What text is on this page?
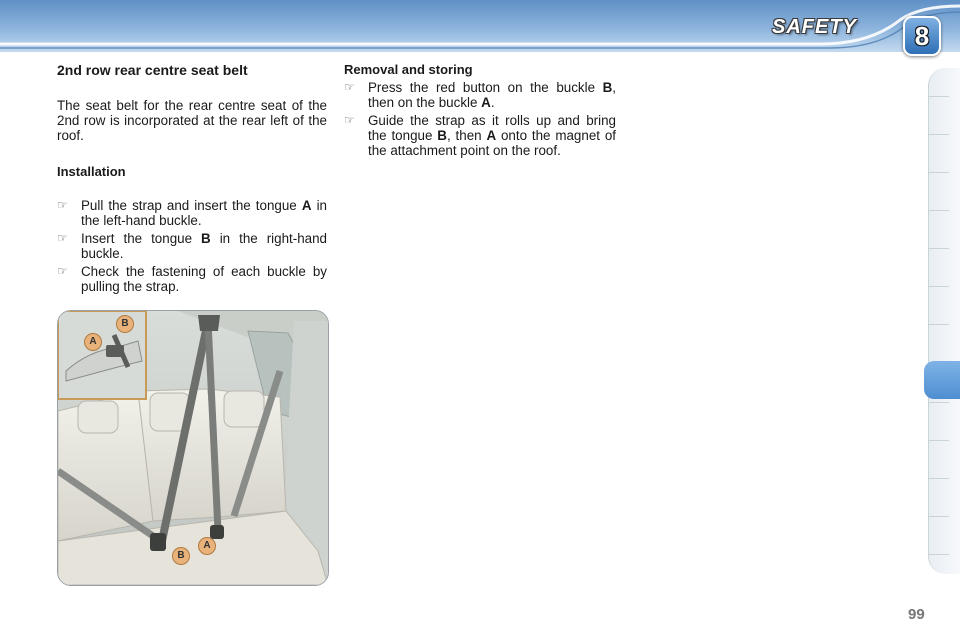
SAFETY	8
2nd row rear centre seat belt

The seat belt for the rear centre seat of the 2nd row is incorporated at the rear left of the roof.

Installation
☞ Pull the strap and insert the tongue A in the left-hand buckle.
☞ Insert the tongue B in the right-hand buckle.
☞ Check the fastening of each buckle by pulling the strap.
Removal and storing
☞ Press the red button on the buckle B, then on the buckle A.
☞ Guide the strap as it rolls up and bring the tongue B, then A onto the magnet of the attachment point on the roof.
A
B
A
B
99
